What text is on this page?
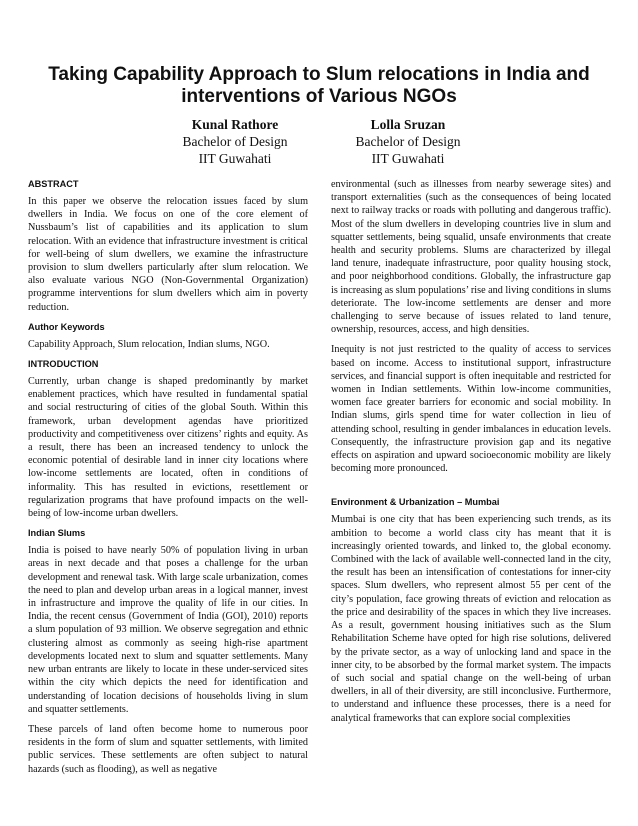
Taking Capability Approach to Slum relocations in India and interventions of Various NGOs
Kunal Rathore
Bachelor of Design
IIT Guwahati
Lolla Sruzan
Bachelor of Design
IIT Guwahati
ABSTRACT

In this paper we observe the relocation issues faced by slum dwellers in India. We focus on one of the core element of Nussbaum’s list of capabilities and its application to slum relocation. With an evidence that infrastructure investment is critical for well-being of slum dwellers, we examine the infrastructure provision to slum dwellers particularly after slum relocation. We also evaluate various NGO (Non-Governmental Organization) programme interventions for slum dwellers which aim in poverty reduction.

Author Keywords

Capability Approach, Slum relocation, Indian slums, NGO.

INTRODUCTION

Currently, urban change is shaped predominantly by market enablement practices, which have resulted in fundamental spatial and social restructuring of cities of the global South. Within this framework, urban development agendas have prioritized productivity and competitiveness over citizens’ rights and equity. As a result, there has been an increased tendency to unlock the economic potential of desirable land in inner city locations where low-income settlements are located, often in conditions of informality. This has resulted in evictions, resettlement or regularization programs that have profound impacts on the well-being of low-income urban dwellers.

Indian Slums

India is poised to have nearly 50% of population living in urban areas in next decade and that poses a challenge for the urban development and renewal task. With large scale urbanization, comes the need to plan and develop urban areas in a logical manner, invest in infrastructure and improve the quality of life in our cities. In India, the recent census (Government of India (GOI), 2010) reports a slum population of 93 million. We observe segregation and ethnic clustering almost as commonly as seeing high-rise apartment developments located next to slum and squatter settlements. Many new urban entrants are likely to locate in these under-serviced sites within the city which depicts the need for identification and understanding of location decisions of households living in slum and squatter settlements.

These parcels of land often become home to numerous poor residents in the form of slum and squatter settlements, with limited public services. These settlements are often subject to natural hazards (such as flooding), as well as negative

environmental (such as illnesses from nearby sewerage sites) and transport externalities (such as the consequences of being located next to railway tracks or roads with polluting and dangerous traffic). Most of the slum dwellers in developing countries live in slum and squatter settlements, being squalid, unsafe environments that create health and security problems. Slums are characterized by illegal land tenure, inadequate infrastructure, poor quality housing stock, and poor neighborhood conditions. Globally, the infrastructure gap is increasing as slum populations’ rise and living conditions in slums deteriorate. The low-income settlements are denser and more challenging to serve because of issues related to land tenure, ownership, resources, access, and high densities.

Inequity is not just restricted to the quality of access to services based on income. Access to institutional support, infrastructure services, and financial support is often inequitable and restricted for women in Indian settlements. Within low-income communities, women face greater barriers for economic and social mobility. In Indian slums, girls spend time for water collection in lieu of attending school, resulting in gender imbalances in education levels. Consequently, the infrastructure provision gap and its negative effects on aspiration and upward socioeconomic mobility are likely becoming more pronounced.

Environment & Urbanization – Mumbai

Mumbai is one city that has been experiencing such trends, as its ambition to become a world class city has meant that it is increasingly oriented towards, and linked to, the global economy. Combined with the lack of available well-connected land in the city, the result has been an intensification of contestations for inner-city spaces. Slum dwellers, who represent almost 55 per cent of the city’s population, face growing threats of eviction and relocation as the price and desirability of the spaces in which they live increases. As a result, government housing initiatives such as the Slum Rehabilitation Scheme have opted for high rise solutions, delivered by the private sector, as a way of unlocking land and space in the inner city, to be absorbed by the formal market system. The impacts of such social and spatial change on the well-being of urban dwellers, in all of their diversity, are still inconclusive. Furthermore, to understand and influence these processes, there is a need for analytical frameworks that can explore social complexities
